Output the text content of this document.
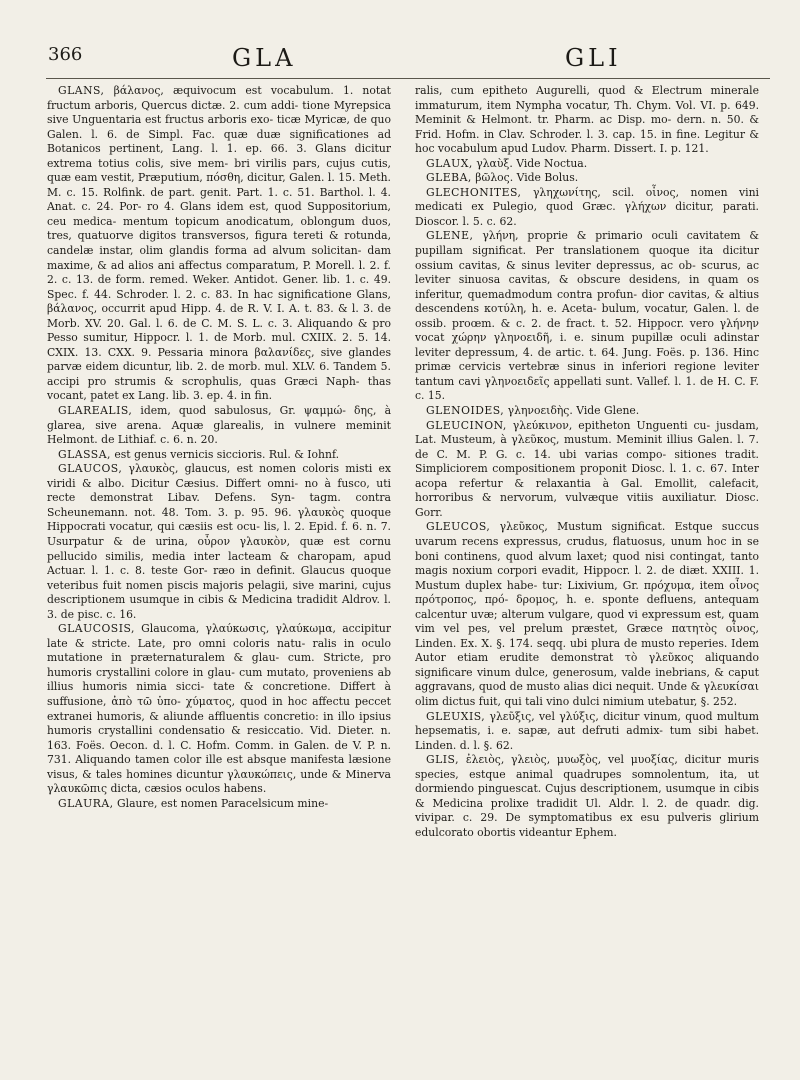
366	GLA	GLI

GLANS, βάλανος, æquivocum est vocabulum. 1. notat fructum arboris, Quercus dictæ. 2. cum addi- tione Myrepsica sive Unguentaria est fructus arboris exo- ticæ Myricæ, de quo Galen. l. 6. de Simpl. Fac. quæ duæ significationes ad Botanicos pertinent, Lang. l. 1. ep. 66. 3. Glans dicitur extrema totius colis, sive mem- bri virilis pars, cujus cutis, quæ eam vestit, Præputium, πόσθη, dicitur, Galen. l. 15. Meth. M. c. 15. Rolfink. de part. genit. Part. 1. c. 51. Barthol. l. 4. Anat. c. 24. Por- ro 4. Glans idem est, quod Suppositorium, ceu medica- mentum topicum anodicatum, oblongum duos, tres, quatuorve digitos transversos, figura tereti & rotunda, candelæ instar, olim glandis forma ad alvum solicitan- dam maxime, & ad alios ani affectus comparatum, P. Morell. l. 2. f. 2. c. 13. de form. remed. Weker. Antidot. Gener. lib. 1. c. 49. Spec. f. 44. Schroder. l. 2. c. 83. In hac significatione Glans, βάλανος, occurrit apud Hipp. 4. de R. V. I. A. t. 83. & l. 3. de Morb. XV. 20. Gal. l. 6. de C. M. S. L. c. 3. Aliquando & pro Pesso sumitur, Hippocr. l. 1. de Morb. mul. CXIIX. 2. 5. 14. CXIX. 13. CXX. 9. Pessaria minora βαλανίδες, sive glandes parvæ eidem dicuntur, lib. 2. de morb. mul. XLV. 6. Tandem 5. accipi pro strumis & scrophulis, quas Græci Naph- thas vocant, patet ex Lang. lib. 3. ep. 4. in fin.

GLAREALIS, idem, quod sabulosus, Gr. ψαμμώ- δης, à glarea, sive arena. Aquæ glarealis, in vulnere meminit Helmont. de Lithiaf. c. 6. n. 20.

GLASSA, est genus vernicis siccioris. Rul. & Iohnf.

GLAUCOS, γλαυκὸς, glaucus, est nomen coloris misti ex viridi & albo. Dicitur Cæsius. Differt omni- no à fusco, uti recte demonstrat Libav. Defens. Syn- tagm. contra Scheunemann. not. 48. Tom. 3. p. 95. 96. γλαυκὸς quoque Hippocrati vocatur, qui cæsiis est ocu- lis, l. 2. Epid. f. 6. n. 7. Usurpatur & de urina, οὖρον γλαυκὸν, quæ est cornu pellucido similis, media inter lacteam & charopam, apud Actuar. l. 1. c. 8. teste Gor- ræo in definit. Glaucus quoque veteribus fuit nomen piscis majoris pelagii, sive marini, cujus descriptionem usumque in cibis & Medicina tradidit Aldrov. l. 3. de pisc. c. 16.

GLAUCOSIS, Glaucoma, γλαύκωσις, γλαύκωμα, accipitur late & stricte. Late, pro omni coloris natu- ralis in oculo mutatione in præternaturalem & glau- cum. Stricte, pro humoris crystallini colore in glau- cum mutato, proveniens ab illius humoris nimia sicci- tate & concretione. Differt à suffusione, ἀπὸ τῶ ὑπο- χύματος, quod in hoc affectu peccet extranei humoris, & aliunde affluentis concretio: in illo ipsius humoris crystallini condensatio & resiccatio. Vid. Dieter. n. 163. Foës. Oecon. d. l. C. Hofm. Comm. in Galen. de V. P. n. 731. Aliquando tamen color ille est absque manifesta læsione visus, & tales homines dicuntur γλαυκώπεις, unde & Minerva γλαυκῶπις dicta, cæsios oculos habens.

GLAURA, Glaure, est nomen Paracelsicum mine-

ralis, cum epitheto Augurelli, quod & Electrum minerale immaturum, item Nympha vocatur, Th. Chym. Vol. VI. p. 649. Meminit & Helmont. tr. Pharm. ac Disp. mo- dern. n. 50. & Frid. Hofm. in Clav. Schroder. l. 3. cap. 15. in fine. Legitur & hoc vocabulum apud Ludov. Pharm. Dissert. I. p. 121.

GLAUX, γλαὺξ. Vide Noctua.

GLEBA, βῶλος. Vide Bolus.

GLECHONITES, γληχωνίτης, scil. οἶνος, nomen vini medicati ex Pulegio, quod Græc. γλήχων dicitur, parati. Dioscor. l. 5. c. 62.

GLENE, γλήνη, proprie & primario oculi cavitatem & pupillam significat. Per translationem quoque ita dicitur ossium cavitas, & sinus leviter depressus, ac ob- scurus, ac leviter sinuosa cavitas, & obscure desidens, in quam os inferitur, quemadmodum contra profun- dior cavitas, & altius descendens κοτύλη, h. e. Aceta- bulum, vocatur, Galen. l. de ossib. proœm. & c. 2. de fract. t. 52. Hippocr. vero γλήνην vocat χώρην γληνοειδῆ, i. e. sinum pupillæ oculi adinstar leviter depressum, 4. de artic. t. 64. Jung. Foës. p. 136. Hinc primæ cervicis vertebræ sinus in inferiori regione leviter tantum cavi γληνοειδεῖς appellati sunt. Vallef. l. 1. de H. C. F. c. 15.

GLENOIDES, γληνοειδὴς. Vide Glene.

GLEUCINON, γλεύκινον, epitheton Unguenti cu- jusdam, Lat. Musteum, à γλεῦκος, mustum. Meminit illius Galen. l. 7. de C. M. P. G. c. 14. ubi varias compo- sitiones tradit. Simpliciorem compositionem proponit Diosc. l. 1. c. 67. Inter acopa refertur & relaxantia à Gal. Emollit, calefacit, horroribus & nervorum, vulvæque vitiis auxiliatur. Diosc. Gorr.

GLEUCOS, γλεῦκος, Mustum significat. Estque succus uvarum recens expressus, crudus, flatuosus, unum hoc in se boni continens, quod alvum laxet; quod nisi contingat, tanto magis noxium corpori evadit, Hippocr. l. 2. de diæt. XXIII. 1. Mustum duplex habe- tur: Lixivium, Gr. πρόχυμα, item οἶνος πρότροπος, πρό- δρομος, h. e. sponte defluens, antequam calcentur uvæ; alterum vulgare, quod vi expressum est, quam vim vel pes, vel prelum præstet, Græce πατητὸς οἶνος, Linden. Ex. X. §. 174. seqq. ubi plura de musto reperies. Idem Autor etiam erudite demonstrat τὸ γλεῦκος aliquando significare vinum dulce, generosum, valde inebrians, & caput aggravans, quod de musto alias dici nequit. Unde & γλευκίσαι olim dictus fuit, qui tali vino dulci nimium utebatur, §. 252.

GLEUXIS, γλεῦξις, vel γλύξις, dicitur vinum, quod multum hepsematis, i. e. sapæ, aut defruti admix- tum sibi habet. Linden. d. l. §. 62.

GLIS, ἐλειὸς, γλειὸς, μυωξὸς, vel μυοξίας, dicitur muris species, estque animal quadrupes somnolentum, ita, ut dormiendo pinguescat. Cujus descriptionem, usumque in cibis & Medicina prolixe tradidit Ul. Aldr. l. 2. de quadr. dig. vivipar. c. 29. De symptomatibus ex esu pulveris glirium edulcorato obortis videantur Ephem.
